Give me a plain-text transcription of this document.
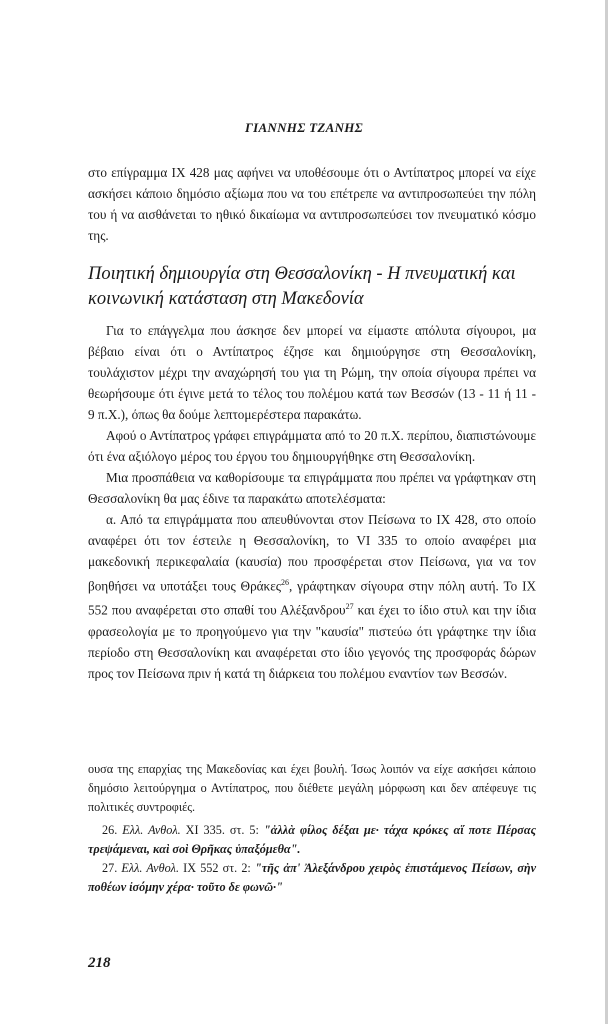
ΓΙΑΝΝΗΣ ΤΖΑΝΗΣ

στο επίγραμμα IX 428 μας αφήνει να υποθέσουμε ότι ο Αντίπατρος μπορεί να είχε ασκήσει κάποιο δημόσιο αξίωμα που να του επέτρεπε να αντιπροσωπεύει την πόλη του ή να αισθάνεται το ηθικό δικαίωμα να αντιπροσωπεύσει τον πνευματικό κόσμο της.

Ποιητική δημιουργία στη Θεσσαλονίκη - Η πνευματική και κοινωνική κατάσταση στη Μακεδονία

Για το επάγγελμα που άσκησε δεν μπορεί να είμαστε απόλυτα σίγουροι, μα βέβαιο είναι ότι ο Αντίπατρος έζησε και δημιούργησε στη Θεσσαλονίκη, τουλάχιστον μέχρι την αναχώρησή του για τη Ρώμη, την οποία σίγουρα πρέπει να θεωρήσουμε ότι έγινε μετά το τέλος του πολέμου κατά των Βεσσών (13 - 11 ή 11 - 9 π.Χ.), όπως θα δούμε λεπτομερέστερα παρακάτω.

Αφού ο Αντίπατρος γράφει επιγράμματα από το 20 π.Χ. περίπου, διαπιστώνουμε ότι ένα αξιόλογο μέρος του έργου του δημιουργήθηκε στη Θεσσαλονίκη.

Μια προσπάθεια να καθορίσουμε τα επιγράμματα που πρέπει να γράφτηκαν στη Θεσσαλονίκη θα μας έδινε τα παρακάτω αποτελέσματα:

α. Από τα επιγράμματα που απευθύνονται στον Πείσωνα το IX 428, στο οποίο αναφέρει ότι τον έστειλε η Θεσσαλονίκη, το VI 335 το οποίο αναφέρει μια μακεδονική περικεφαλαία (καυσία) που προσφέρεται στον Πείσωνα, για να τον βοηθήσει να υποτάξει τους Θράκες$^{26}$, γράφτηκαν σίγουρα στην πόλη αυτή. Το IX 552 που αναφέρεται στο σπαθί του Αλέξανδρου$^{27}$ και έχει το ίδιο στυλ και την ίδια φρασεολογία με το προηγούμενο για την "καυσία" πιστεύω ότι γράφτηκε την ίδια περίοδο στη Θεσσαλονίκη και αναφέρεται στο ίδιο γεγονός της προσφοράς δώρων προς τον Πείσωνα πριν ή κατά τη διάρκεια του πολέμου εναντίον των Βεσσών.

ουσα της επαρχίας της Μακεδονίας και έχει βουλή. Ίσως λοιπόν να είχε ασκήσει κάποιο δημόσιο λειτούργημα ο Αντίπατρος, που διέθετε μεγάλη μόρφωση και δεν απέφευγε τις πολιτικές συντροφιές.

26. Ελλ. Ανθολ. XI 335. στ. 5: "ἀλλὰ φίλος δέξαι με· τάχα κρόκες αἵ ποτε Πέρσας τρεψάμεναι, καὶ σοὶ Θρῆκας ὑπαξόμεθα".

27. Ελλ. Ανθολ. IX 552 στ. 2: "τῆς ἀπ' Ἀλεξάνδρου χειρὸς ἐπιστάμενος Πείσων, σὴν ποθέων ἰσόμην χέρα· τοῦτο δε φωνῶ·"

218
